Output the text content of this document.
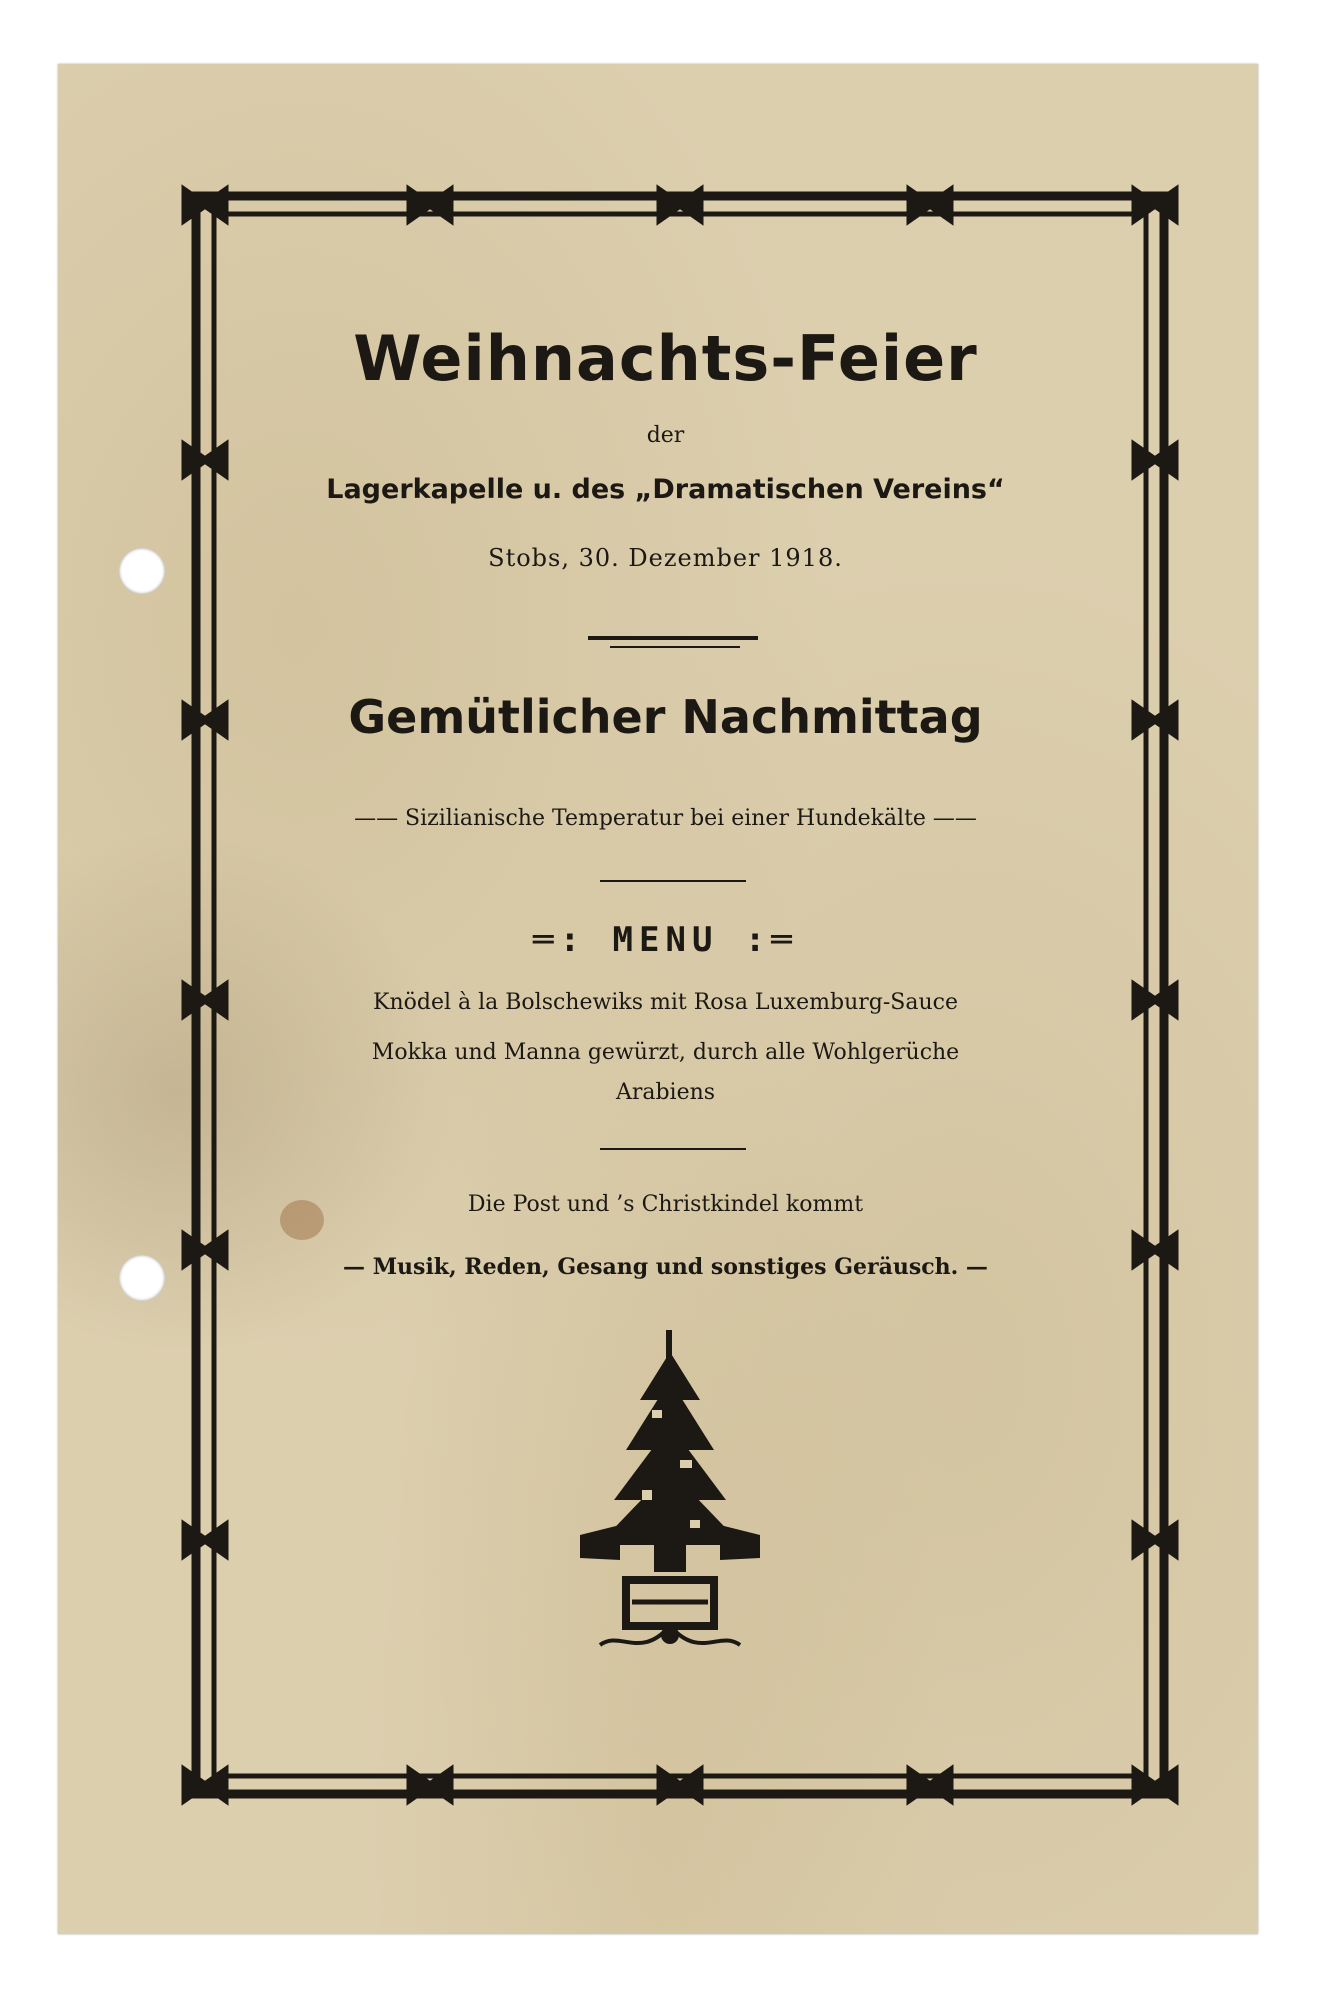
Weihnachts-Feier
der
Lagerkapelle u. des „Dramatischen Vereins“
Stobs, 30. Dezember 1918.
Gemütlicher Nachmittag
—— Sizilianische Temperatur bei einer Hundekälte ——
═: MENU :═
Knödel à la Bolschewiks mit Rosa Luxemburg-Sauce
Mokka und Manna gewürzt, durch alle Wohlgerüche
Arabiens
Die Post und ’s Christkindel kommt
— Musik, Reden, Gesang und sonstiges Geräusch. —
